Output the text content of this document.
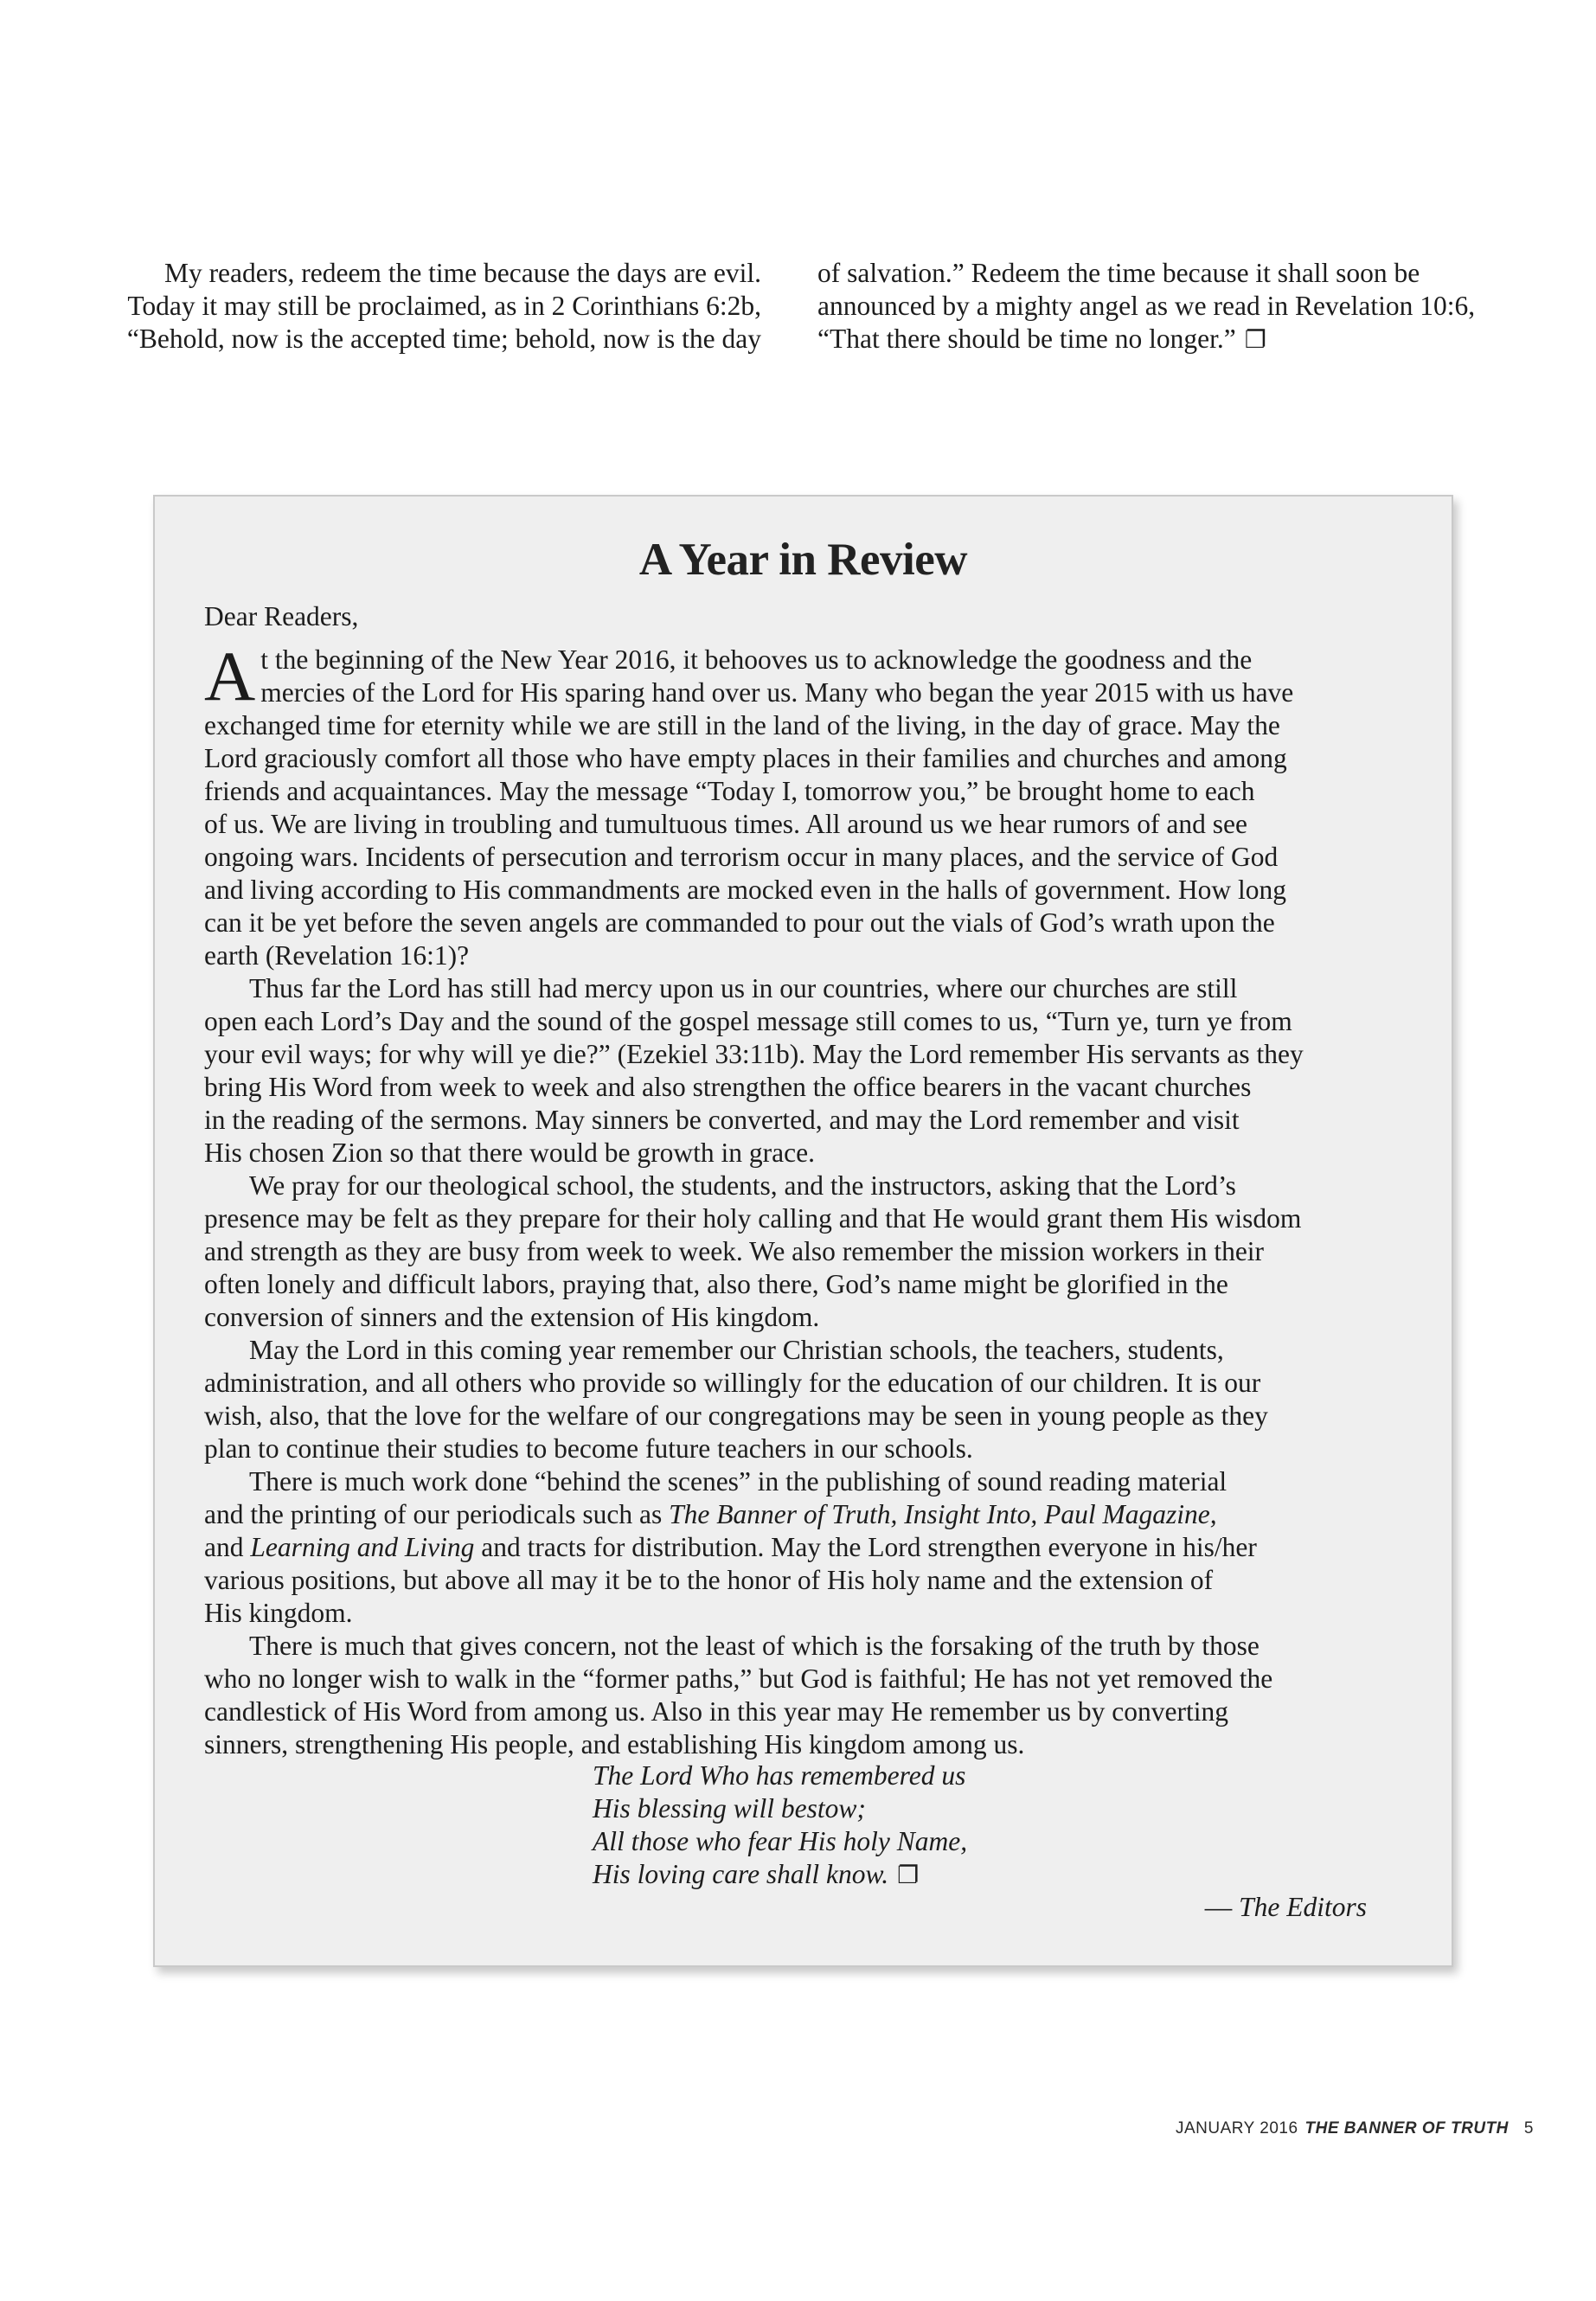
My readers, redeem the time because the days are evil.
Today it may still be proclaimed, as in 2 Corinthians 6:2b,
“Behold, now is the accepted time; behold, now is the day
of salvation.” Redeem the time because it shall soon be
announced by a mighty angel as we read in Revelation 10:6,
“That there should be time no longer.” ❐
A Year in Review
Dear Readers,
A t the beginning of the New Year 2016, it behooves us to acknowledge the goodness and the
mercies of the Lord for His sparing hand over us. Many who began the year 2015 with us have
exchanged time for eternity while we are still in the land of the living, in the day of grace. May the
Lord graciously comfort all those who have empty places in their families and churches and among
friends and acquaintances. May the message “Today I, tomorrow you,” be brought home to each
of us. We are living in troubling and tumultuous times. All around us we hear rumors of and see
ongoing wars. Incidents of persecution and terrorism occur in many places, and the service of God
and living according to His commandments are mocked even in the halls of government. How long
can it be yet before the seven angels are commanded to pour out the vials of God’s wrath upon the
earth (Revelation 16:1)?
Thus far the Lord has still had mercy upon us in our countries, where our churches are still
open each Lord’s Day and the sound of the gospel message still comes to us, “Turn ye, turn ye from
your evil ways; for why will ye die?” (Ezekiel 33:11b). May the Lord remember His servants as they
bring His Word from week to week and also strengthen the office bearers in the vacant churches
in the reading of the sermons. May sinners be converted, and may the Lord remember and visit
His chosen Zion so that there would be growth in grace.
We pray for our theological school, the students, and the instructors, asking that the Lord’s
presence may be felt as they prepare for their holy calling and that He would grant them His wisdom
and strength as they are busy from week to week. We also remember the mission workers in their
often lonely and difficult labors, praying that, also there, God’s name might be glorified in the
conversion of sinners and the extension of His kingdom.
May the Lord in this coming year remember our Christian schools, the teachers, students,
administration, and all others who provide so willingly for the education of our children. It is our
wish, also, that the love for the welfare of our congregations may be seen in young people as they
plan to continue their studies to become future teachers in our schools.
There is much work done “behind the scenes” in the publishing of sound reading material
and the printing of our periodicals such as The Banner of Truth, Insight Into, Paul Magazine,
and Learning and Living and tracts for distribution. May the Lord strengthen everyone in his/her
various positions, but above all may it be to the honor of His holy name and the extension of
His kingdom.
There is much that gives concern, not the least of which is the forsaking of the truth by those
who no longer wish to walk in the “former paths,” but God is faithful; He has not yet removed the
candlestick of His Word from among us. Also in this year may He remember us by converting
sinners, strengthening His people, and establishing His kingdom among us.
The Lord Who has remembered us
His blessing will bestow;
All those who fear His holy Name,
His loving care shall know. ❐
— The Editors
JANUARY 2016 THE BANNER OF TRUTH 5
